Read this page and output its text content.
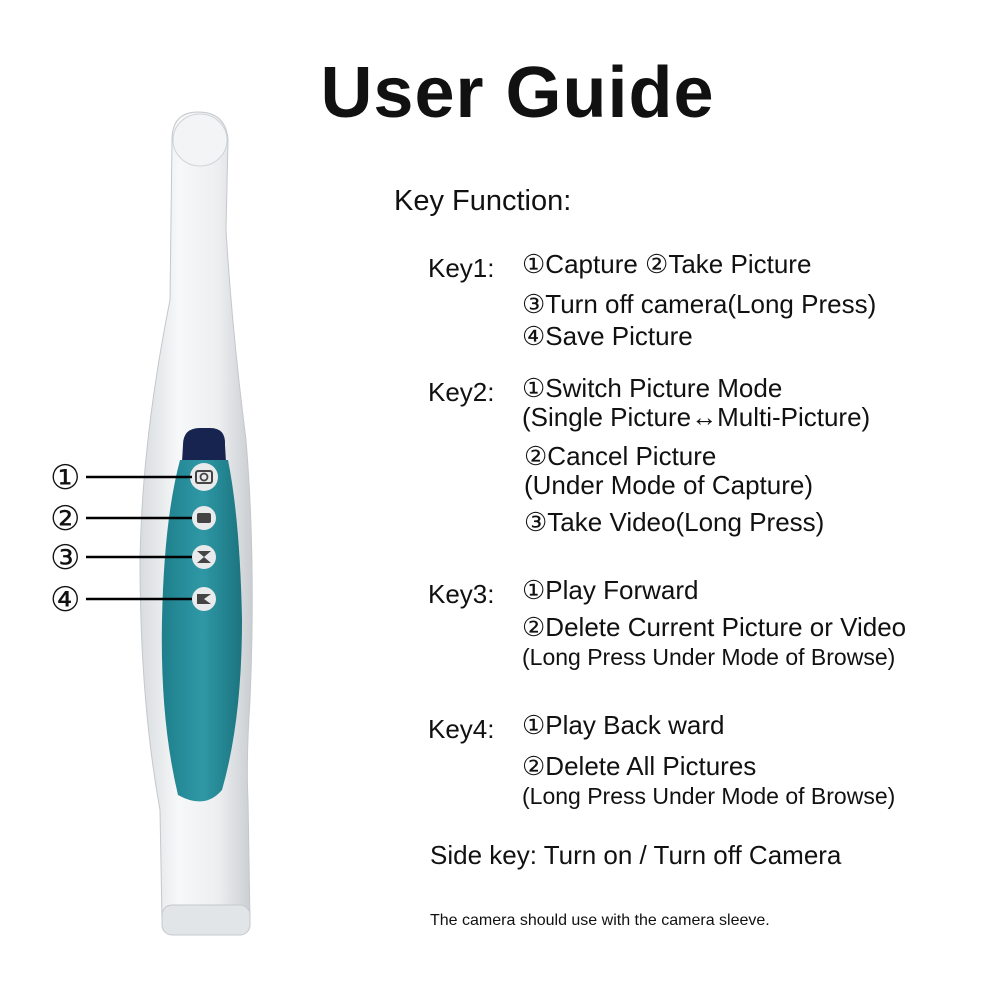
①
②
③
④
User Guide
Key Function:
Key1: ①Capture ②Take Picture
③Turn off camera(Long Press)
④Save Picture
Key2: ①Switch Picture Mode
(Single Picture↔Multi-Picture)
②Cancel Picture
(Under Mode of Capture)
③Take Video(Long Press)
Key3: ①Play Forward
②Delete Current Picture or Video
(Long Press Under Mode of Browse)
Key4: ①Play Back ward
②Delete All Pictures
(Long Press Under Mode of Browse)
Side key: Turn on / Turn off Camera
The camera should use with the camera sleeve.
